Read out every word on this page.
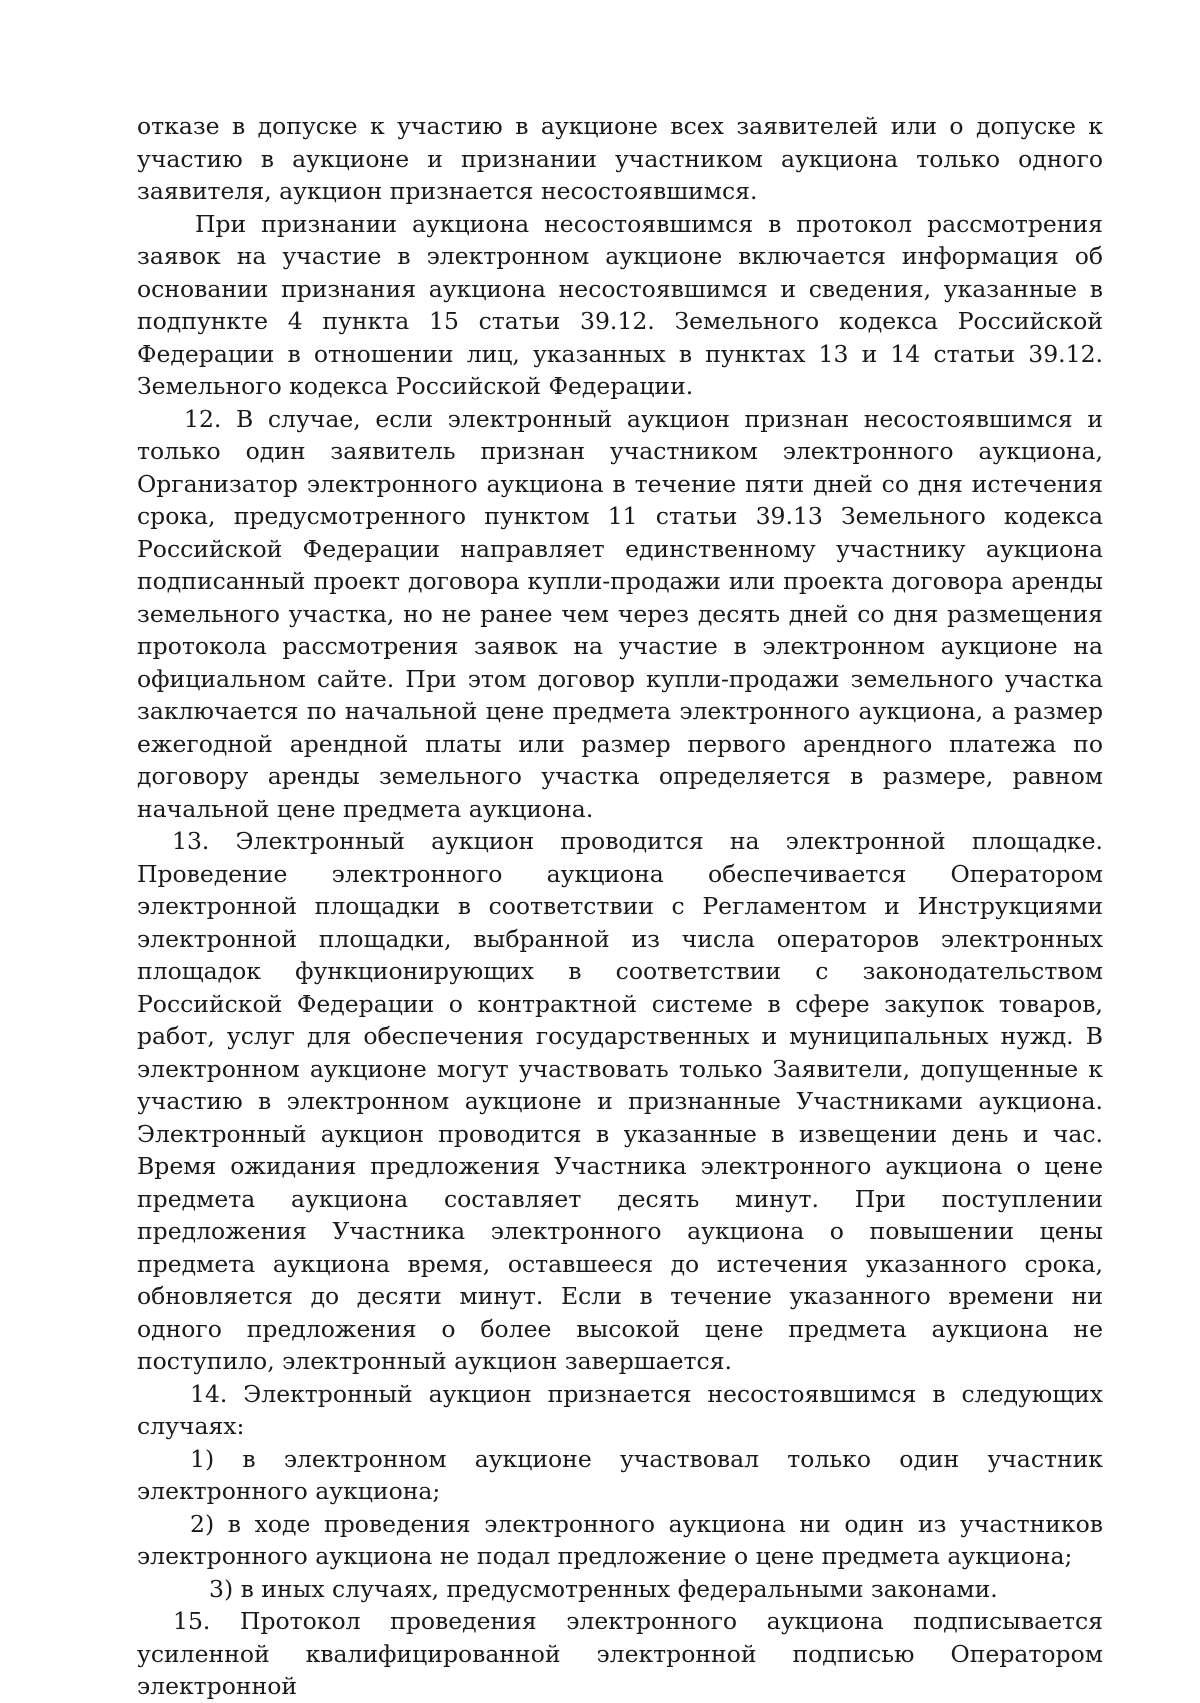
отказе в допуске к участию в аукционе всех заявителей или о допуске к участию в аукционе и признании участником аукциона только одного заявителя, аукцион признается несостоявшимся.

При признании аукциона несостоявшимся в протокол рассмотрения заявок на участие в электронном аукционе включается информация об основании признания аукциона несостоявшимся и сведения, указанные в подпункте 4 пункта 15 статьи 39.12. Земельного кодекса Российской Федерации в отношении лиц, указанных в пунктах 13 и 14 статьи 39.12. Земельного кодекса Российской Федерации.

12. В случае, если электронный аукцион признан несостоявшимся и только один заявитель признан участником электронного аукциона, Организатор электронного аукциона в течение пяти дней со дня истечения срока, предусмотренного пунктом 11 статьи 39.13 Земельного кодекса Российской Федерации направляет единственному участнику аукциона подписанный проект договора купли-продажи или проекта договора аренды земельного участка, но не ранее чем через десять дней со дня размещения протокола рассмотрения заявок на участие в электронном аукционе на официальном сайте. При этом договор купли-продажи земельного участка заключается по начальной цене предмета электронного аукциона, а размер ежегодной арендной платы или размер первого арендного платежа по договору аренды земельного участка определяется в размере, равном начальной цене предмета аукциона.

13. Электронный аукцион проводится на электронной площадке. Проведение электронного аукциона обеспечивается Оператором электронной площадки в соответствии с Регламентом и Инструкциями электронной площадки, выбранной из числа операторов электронных площадок функционирующих в соответствии с законодательством Российской Федерации о контрактной системе в сфере закупок товаров, работ, услуг для обеспечения государственных и муниципальных нужд. В электронном аукционе могут участвовать только Заявители, допущенные к участию в электронном аукционе и признанные Участниками аукциона. Электронный аукцион проводится в указанные в извещении день и час. Время ожидания предложения Участника электронного аукциона о цене предмета аукциона составляет десять минут. При поступлении предложения Участника электронного аукциона о повышении цены предмета аукциона время, оставшееся до истечения указанного срока, обновляется до десяти минут. Если в течение указанного времени ни одного предложения о более высокой цене предмета аукциона не поступило, электронный аукцион завершается.

14. Электронный аукцион признается несостоявшимся в следующих случаях:

1) в электронном аукционе участвовал только один участник электронного аукциона;

2) в ходе проведения электронного аукциона ни один из участников электронного аукциона не подал предложение о цене предмета аукциона;

3) в иных случаях, предусмотренных федеральными законами.

15. Протокол проведения электронного аукциона подписывается усиленной квалифицированной электронной подписью Оператором электронной
